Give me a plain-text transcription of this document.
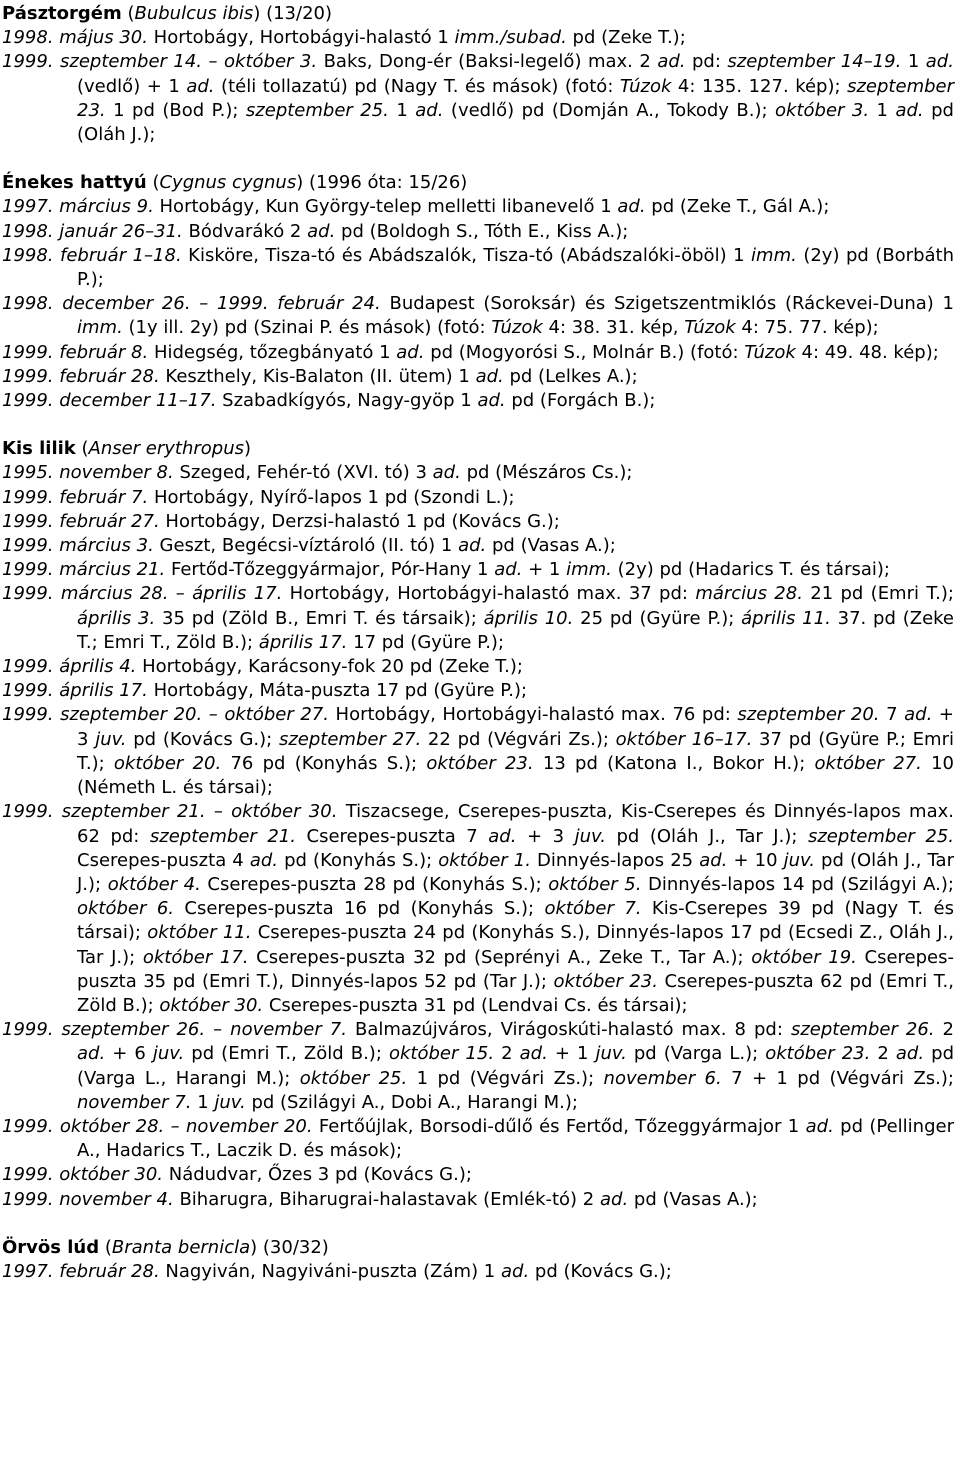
Pásztorgém (Bubulcus ibis) (13/20)
1998. május 30. Hortobágy, Hortobágyi-halastó 1 imm./subad. pd (Zeke T.);
1999. szeptember 14. – október 3. Baks, Dong-ér (Baksi-legelő) max. 2 ad. pd: szeptember 14–19. 1 ad. (vedlő) + 1 ad. (téli tollazatú) pd (Nagy T. és mások) (fotó: Túzok 4: 135. 127. kép); szeptember 23. 1 pd (Bod P.); szeptember 25. 1 ad. (vedlő) pd (Domján A., Tokody B.); október 3. 1 ad. pd (Oláh J.);
Énekes hattyú (Cygnus cygnus) (1996 óta: 15/26)
1997. március 9. Hortobágy, Kun György-telep melletti libanevelő 1 ad. pd (Zeke T., Gál A.);
1998. január 26–31. Bódvarákó 2 ad. pd (Boldogh S., Tóth E., Kiss A.);
1998. február 1–18. Kisköre, Tisza-tó és Abádszalók, Tisza-tó (Abádszalóki-öböl) 1 imm. (2y) pd (Borbáth P.);
1998. december 26. – 1999. február 24. Budapest (Soroksár) és Szigetszentmiklós (Ráckevei-Duna) 1 imm. (1y ill. 2y) pd (Szinai P. és mások) (fotó: Túzok 4: 38. 31. kép, Túzok 4: 75. 77. kép);
1999. február 8. Hidegség, tőzegbányató 1 ad. pd (Mogyorósi S., Molnár B.) (fotó: Túzok 4: 49. 48. kép);
1999. február 28. Keszthely, Kis-Balaton (II. ütem) 1 ad. pd (Lelkes A.);
1999. december 11–17. Szabadkígyós, Nagy-gyöp 1 ad. pd (Forgách B.);
Kis lilik (Anser erythropus)
1995. november 8. Szeged, Fehér-tó (XVI. tó) 3 ad. pd (Mészáros Cs.);
1999. február 7. Hortobágy, Nyírő-lapos 1 pd (Szondi L.);
1999. február 27. Hortobágy, Derzsi-halastó 1 pd (Kovács G.);
1999. március 3. Geszt, Begécsi-víztároló (II. tó) 1 ad. pd (Vasas A.);
1999. március 21. Fertőd-Tőzeggyármajor, Pór-Hany 1 ad. + 1 imm. (2y) pd (Hadarics T. és társai);
1999. március 28. – április 17. Hortobágy, Hortobágyi-halastó max. 37 pd: március 28. 21 pd (Emri T.); április 3. 35 pd (Zöld B., Emri T. és társaik); április 10. 25 pd (Gyüre P.); április 11. 37. pd (Zeke T.; Emri T., Zöld B.); április 17. 17 pd (Gyüre P.);
1999. április 4. Hortobágy, Karácsony-fok 20 pd (Zeke T.);
1999. április 17. Hortobágy, Máta-puszta 17 pd (Gyüre P.);
1999. szeptember 20. – október 27. Hortobágy, Hortobágyi-halastó max. 76 pd: szeptember 20. 7 ad. + 3 juv. pd (Kovács G.); szeptember 27. 22 pd (Végvári Zs.); október 16–17. 37 pd (Gyüre P.; Emri T.); október 20. 76 pd (Konyhás S.); október 23. 13 pd (Katona I., Bokor H.); október 27. 10 (Németh L. és társai);
1999. szeptember 21. – október 30. Tiszacsege, Cserepes-puszta, Kis-Cserepes és Dinnyés-lapos max. 62 pd: szeptember 21. Cserepes-puszta 7 ad. + 3 juv. pd (Oláh J., Tar J.); szeptember 25. Cserepes-puszta 4 ad. pd (Konyhás S.); október 1. Dinnyés-lapos 25 ad. + 10 juv. pd (Oláh J., Tar J.); október 4. Cserepes-puszta 28 pd (Konyhás S.); október 5. Dinnyés-lapos 14 pd (Szilágyi A.); október 6. Cserepes-puszta 16 pd (Konyhás S.); október 7. Kis-Cserepes 39 pd (Nagy T. és társai); október 11. Cserepes-puszta 24 pd (Konyhás S.), Dinnyés-lapos 17 pd (Ecsedi Z., Oláh J., Tar J.); október 17. Cserepes-puszta 32 pd (Seprényi A., Zeke T., Tar A.); október 19. Cserepes-puszta 35 pd (Emri T.), Dinnyés-lapos 52 pd (Tar J.); október 23. Cserepes-puszta 62 pd (Emri T., Zöld B.); október 30. Cserepes-puszta 31 pd (Lendvai Cs. és társai);
1999. szeptember 26. – november 7. Balmazújváros, Virágoskúti-halastó max. 8 pd: szeptember 26. 2 ad. + 6 juv. pd (Emri T., Zöld B.); október 15. 2 ad. + 1 juv. pd (Varga L.); október 23. 2 ad. pd (Varga L., Harangi M.); október 25. 1 pd (Végvári Zs.); november 6. 7 + 1 pd (Végvári Zs.); november 7. 1 juv. pd (Szilágyi A., Dobi A., Harangi M.);
1999. október 28. – november 20. Fertőújlak, Borsodi-dűlő és Fertőd, Tőzeggyármajor 1 ad. pd (Pellinger A., Hadarics T., Laczik D. és mások);
1999. október 30. Nádudvar, Őzes 3 pd (Kovács G.);
1999. november 4. Biharugra, Biharugrai-halastavak (Emlék-tó) 2 ad. pd (Vasas A.);
Örvös lúd (Branta bernicla) (30/32)
1997. február 28. Nagyiván, Nagyiváni-puszta (Zám) 1 ad. pd (Kovács G.);
